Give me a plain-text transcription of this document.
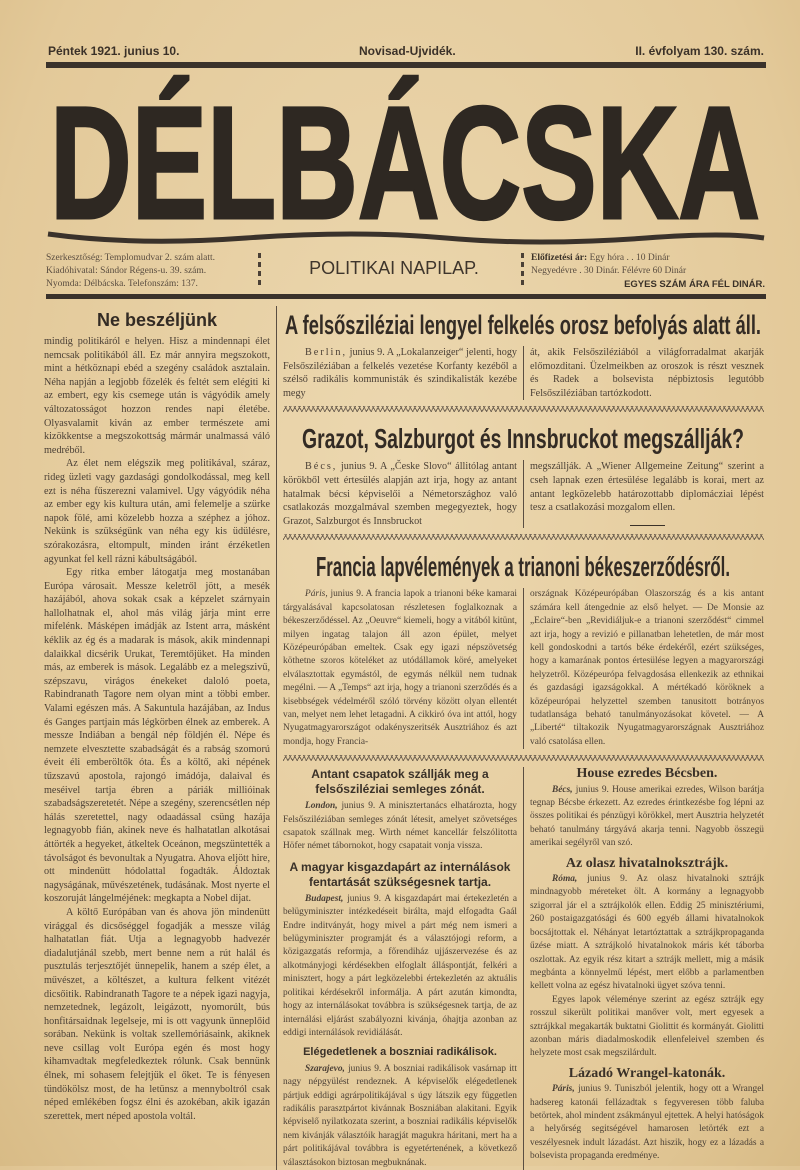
Péntek 1921. junius 10.	Novisad-Ujvidék.	II. évfolyam 130. szám.
DÉLBÁCSKA
Szerkesztőség: Templomudvar 2. szám alatt.
Kiadóhivatal: Sándor Régens-u. 39. szám.
Nyomda: Délbácska. Telefonszám: 137.
POLITIKAI NAPILAP.	Előfizetési ár: Egy hóra . . 10 Dinár
Negyedévre . 30 Dinár. Félévre 60 Dinár
EGYES SZÁM ÁRA FÉL DINÁR.
Ne beszéljünk

mindig politikáról e helyen. Hisz a mindennapi élet nemcsak politikából áll. Ez már annyira megszokott, mint a hétköznapi ebéd a szegény családok asztalain. Néha napján a legjobb főzelék és feltét sem elégiti ki az embert, egy kis csemege után is vágyódik amely változatosságot hozzon rendes napi életébe. Olyasvalamit kiván az ember természete ami kizökkentse a megszokottság mármár unalmassá váló medréből.

Az élet nem elégszik meg politikával, száraz, rideg üzleti vagy gazdasági gondolkodással, meg kell ezt is néha fűszerezni valamivel. Ugy vágyódik néha az ember egy kis kultura után, ami felemelje a szürke napok fölé, ami közelebb hozza a széphez a jóhoz. Nekünk is szükségünk van néha egy kis üdülésre, szórakozásra, eltompult, minden iránt érzéketlen agyunkat fel kell rázni kábultságából.

Egy ritka ember látogatja meg mostanában Európa városait. Messze keletről jött, a mesék hazájából, ahova sokak csak a képzelet szárnyain hallolhatnak el, ahol más világ járja mint erre mifelénk. Másképen imádják az Istent arra, másként kéklik az ég és a madarak is mások, akik mindennapi dalaikkal dicsérik Urukat, Teremtőjüket. Ha minden más, az emberek is mások. Legalább ez a melegszivű, szépszavu, virágos énekeket daloló poeta, Rabindranath Tagore nem olyan mint a többi ember. Valami egészen más. A Sakuntula hazájában, az Indus és Ganges partjain más légkörben élnek az emberek. A messze Indiában a bengál nép földjén él. Népe és nemzete elvesztette szabadságát és a rabság szomorú éveit éli emberöltők óta. És a költő, aki népének tűzszavú apostola, rajongó imádója, dalaival és meséivel tartja ébren a páriák millióinak szabadságszeretetét. Népe a szegény, szerencsétlen nép hálás szeretettel, nagy odaadással csüng hazája legnagyobb fián, akinek neve és halhatatlan alkotásai áttörték a hegyeket, átkeltek Oceánon, megszüntették a távolságot és bevonultak a Nyugatra. Ahova eljött hire, ott mindenütt hódolattal fogadták. Áldoztak nagyságának, művészetének, tudásának. Most nyerte el koszoruját lángelméjének: megkapta a Nobel dijat.

A költő Európában van és ahova jön mindenütt virággal és dicsőséggel fogadják a messze világ halhatatlan fiát. Utja a legnagyobb hadvezér diadalutjánál szebb, mert benne nem a rút halál és pusztulás terjesztőjét ünnepelik, hanem a szép élet, a művészet, a költészet, a kultura felkent vitézét dicsőitik. Rabindranath Tagore te a népek igazi nagyja, nemzetednek, legázolt, leigázott, nyomorúlt, bús honfitársaidnak legelseje, mi is ott vagyunk ünneplőid sorában. Nekünk is voltak szellemóriásaink, akiknek neve csillag volt Európa egén és most hogy kihamvadtak megfeledkeztek rólunk. Csak bennünk élnek, mi sohasem felejtjük el őket. Te is fényesen tündökölsz most, de ha letünsz a mennyboltról csak néped emlékében fogsz élni és azokéban, akik igazán szerettek, mert néped apostola voltál.

A felsősziléziai lengyel felkelés orosz befolyás alatt áll.

Berlin, junius 9. A „Lokalanzeiger“ jelenti, hogy Felsősziléziában a felkelés vezetése Korfanty kezéből a szélső radikális kommunisták és szindikalisták kezébe megy

át, akik Felsősziléziából a világforradalmat akarják előmozditani. Üzelmeikben az oroszok is részt vesznek és Radek a bolsevista népbiztosis legutóbb Felsősziléziában tartózkodott.

Grazot, Salzburgot és Innsbruckot megszállják?

Bécs, junius 9. A „Česke Slovo“ állitólag antant körökből vett értesülés alapján azt irja, hogy az antant hatalmak bécsi képviselői a Németországhoz való csatlakozás mozgalmával szemben megegyeztek, hogy Grazot, Salzburgot és Innsbruckot

megszállják. A „Wiener Allgemeine Zeitung“ szerint a cseh lapnak ezen értesülése legalább is korai, mert az antant legközelebb határozottabb diplomácziai lépést tesz a csatlakozási mozgalom ellen.

Francia lapvélemények a trianoni békeszerződésről.

Páris, junius 9. A francia lapok a trianoni béke kamarai tárgyalásával kapcsolatosan részletesen foglalkoznak a békeszerződéssel. Az „Oeuvre“ kiemeli, hogy a vitából kitünt, milyen ingatag talajon áll azon épület, melyet Középeurópában emeltek. Csak egy igazi népszövetség köthetne szoros köteléket az utódállamok köré, amelyeket elválasztottak egymástól, de egymás nélkül nem tudnak megélni. — A „Temps“ azt irja, hogy a trianoni szerződés és a kisebbségek védelméről szóló törvény között olyan ellentét van, melyet nem lehet letagadni. A cikkiró óva int attól, hogy Nyugatmagyarországot odakényszeritsék Ausztriához és azt mondja, hogy Francia-

országnak Középeurópában Olaszország és a kis antant számára kell átengednie az első helyet. — De Monsie az „Eclaire“-ben „Revidiáljuk-e a trianoni szerződést“ cimmel azt irja, hogy a revizió e pillanatban lehetetlen, de már most kell gondoskodni a tartós béke érdekéről, ezért szükséges, hogy a kamarának pontos értesülése legyen a magyarországi helyzetről. Középeurópa felvagdosása ellenkezik az ethnikai és gazdasági igazságokkal. A mértékadó köröknek a középeurópai helyzettel szemben tanusitott botrányos tudatlansága beható tanulmányozásokat követel. — A „Liberté“ tiltakozik Nyugatmagyarországnak Ausztriához való csatolása ellen.

Antant csapatok szállják meg a felsősziléziai semleges zónát.

London, junius 9. A minisztertanács elhatározta, hogy Felsősziléziában semleges zónát létesit, amelyet szövetséges csapatok szállnak meg. Wirth német kancellár felszólitotta Höfer német tábornokot, hogy csapatait vonja vissza.

A magyar kisgazdapárt az internálások fentartását szükségesnek tartja.

Budapest, junius 9. A kisgazdapárt mai értekezletén a belügyminiszter intézkedéseit birálta, majd elfogadta Gaál Endre inditványát, hogy mivel a párt még nem ismeri a belügyminiszter programját és a választójogi reform, a közigazgatás reformja, a főrendiház ujjászervezése és az alkotmányjogi kérdésekben elfoglalt álláspontját, felkéri a minisztert, hogy a párt legközelebbi értekezletén az aktuális politikai kérdésekről informálja. A párt azután kimondta, hogy az internálásokat továbbra is szükségesnek tartja, de az internálási eljárást szabályozni kivánja, óhajtja azonban az eddigi internálások revidiálását.

Elégedetlenek a boszniai radikálisok.

Szarajevo, junius 9. A boszniai radikálisok vasárnap itt nagy népgyülést rendeznek. A képviselők elégedetlenek pártjuk eddigi agrárpolitikájával s úgy látszik egy független radikális parasztpártot kivánnak Boszniában alakitani. Egyik képviselő nyilatkozata szerint, a boszniai radikális képviselők nem kivánják választóik haragját magukra háritani, mert ha a párt politikájával továbbra is egyetértenének, a következő választásokon biztosan megbuknának.

House ezredes Bécsben.

Bécs, junius 9. House amerikai ezredes, Wilson barátja tegnap Bécsbe érkezett. Az ezredes érintkezésbe fog lépni az összes politikai és pénzügyi körökkel, mert Ausztria helyzetét beható tanulmány tárgyává akarja tenni. Nagyobb összegü amerikai segélyről van szó.

Az olasz hivatalnoksztrájk.

Róma, junius 9. Az olasz hivatalnoki sztrájk mindnagyobb méreteket ölt. A kormány a legnagyobb szigorral jár el a sztrájkolók ellen. Eddig 25 minisztériumi, 260 postaigazgatósági és 600 egyéb állami hivatalnokok bocsájtottak el. Néhányat letartóztattak a sztrájkpropaganda űzése miatt. A sztrájkoló hivatalnokok máris két táborba oszlottak. Az egyik rész kitart a sztrájk mellett, mig a másik megbánta a könnyelmű lépést, mert előbb a parlamentben kellett volna az egész hivatalnoki ügyet szóva tenni.

Egyes lapok véleménye szerint az egész sztrájk egy rosszul sikerült politikai manőver volt, mert egyesek a sztrájkkal megakarták buktatni Giolittit és kormányát. Giolitti azonban máris diadalmoskodik ellenfeleivel szemben és helyzete most csak megszilárdult.

Lázadó Wrangel-katonák.

Páris, junius 9. Tuniszból jelentik, hogy ott a Wrangel hadsereg katonái fellázadtak s fegyveresen több faluba betörtek, ahol mindent zsákmányul ejtettek. A helyi hatóságok a helyőrség segitségével hamarosen letörték ezt a veszélyesnek indult lázadást. Azt hiszik, hogy ez a lázadás a bolsevista propaganda eredménye.
